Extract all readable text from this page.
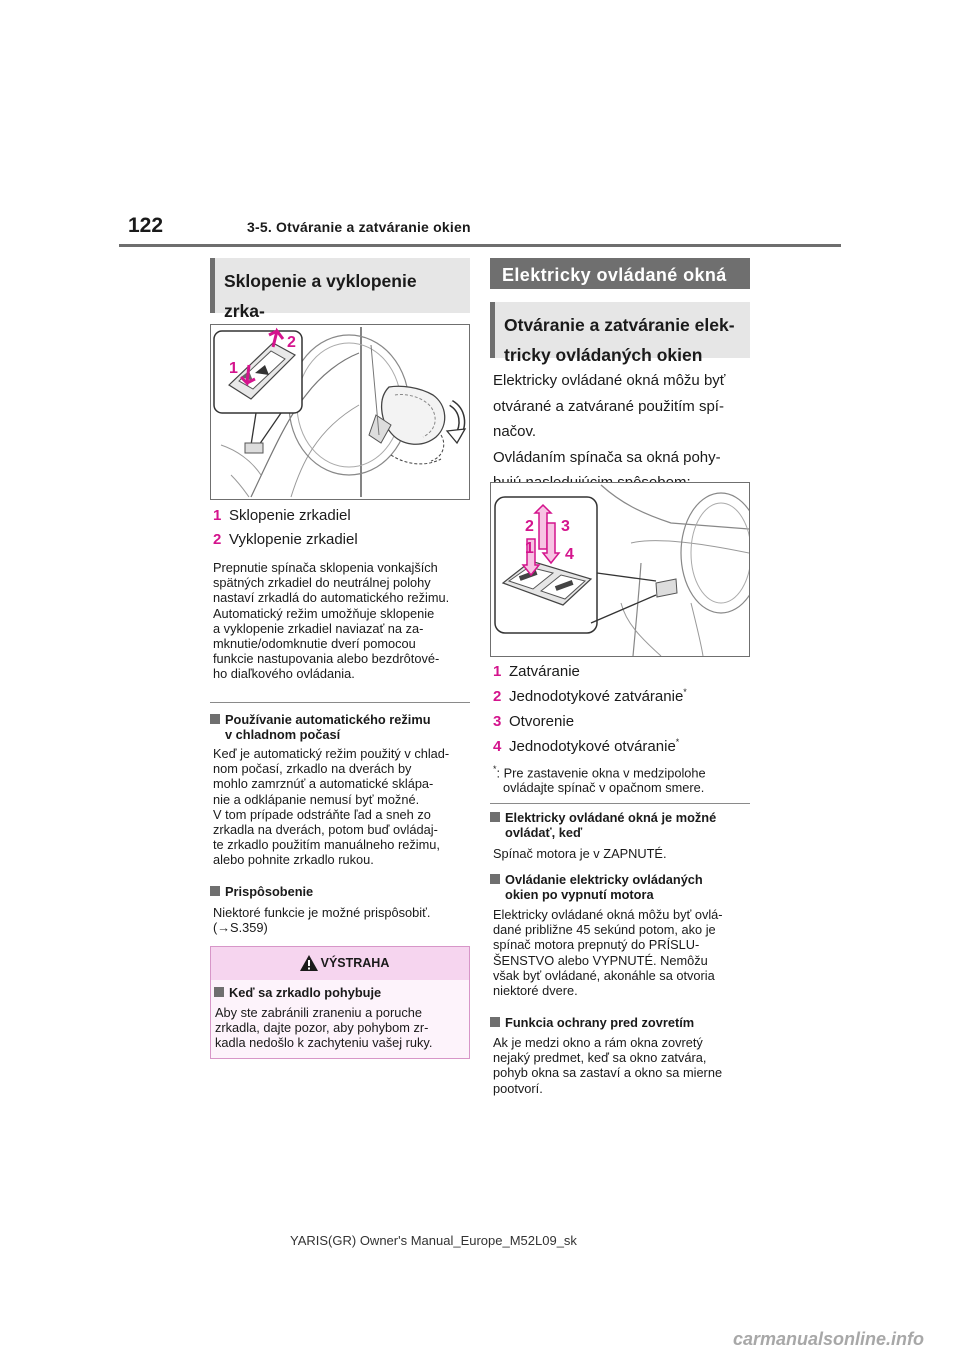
122	3-5. Otváranie a zatváranie okien
Sklopenie a vyklopenie zrka-
1
2
1 Sklopenie zrkadiel
2 Vyklopenie zrkadiel
Prepnutie spínača sklopenia vonkajších
spätných zrkadiel do neutrálnej polohy
nastaví zrkadlá do automatického režimu.
Automatický režim umožňuje sklopenie
a vyklopenie zrkadiel naviazať na za-
mknutie/odomknutie dverí pomocou
funkcie nastupovania alebo bezdrôtové-
ho diaľkového ovládania.
Používanie automatického režimu
v chladnom počasí
Keď je automatický režim použitý v chlad-
nom počasí, zrkadlo na dverách by
mohlo zamrznúť a automatické sklápa-
nie a odklápanie nemusí byť možné.
V tom prípade odstráňte ľad a sneh zo
zrkadla na dverách, potom buď ovládaj-
te zrkadlo použitím manuálneho režimu,
alebo pohnite zrkadlo rukou.
Prispôsobenie
Niektoré funkcie je možné prispôsobiť.
(→S.359)
VÝSTRAHA
Keď sa zrkadlo pohybuje
Aby ste zabránili zraneniu a poruche
zrkadla, dajte pozor, aby pohybom zr-
kadla nedošlo k zachyteniu vašej ruky.
Elektricky ovládané okná
Otváranie a zatváranie elek-
tricky ovládaných okien
Elektricky ovládané okná môžu byť
otvárané a zatvárané použitím spí-
načov.
Ovládaním spínača sa okná pohy-
2 3
1 4
1 Zatváranie
2 Jednodotykové zatváranie*
3 Otvorenie
4 Jednodotykové otváranie*
*: Pre zastavenie okna v medzipolohe
ovládajte spínač v opačnom smere.
Elektricky ovládané okná je možné
ovládať, keď
Spínač motora je v ZAPNUTÉ.
Ovládanie elektricky ovládaných
okien po vypnutí motora
Elektricky ovládané okná môžu byť ovlá-
dané približne 45 sekúnd potom, ako je
spínač motora prepnutý do PRÍSLU-
ŠENSTVO alebo VYPNUTÉ. Nemôžu
však byť ovládané, akonáhle sa otvoria
niektoré dvere.
Funkcia ochrany pred zovretím
Ak je medzi okno a rám okna zovretý
nejaký predmet, keď sa okno zatvára,
pohyb okna sa zastaví a okno sa mierne
pootvorí.
YARIS(GR) Owner's Manual_Europe_M52L09_sk
carmanualsonline.info
